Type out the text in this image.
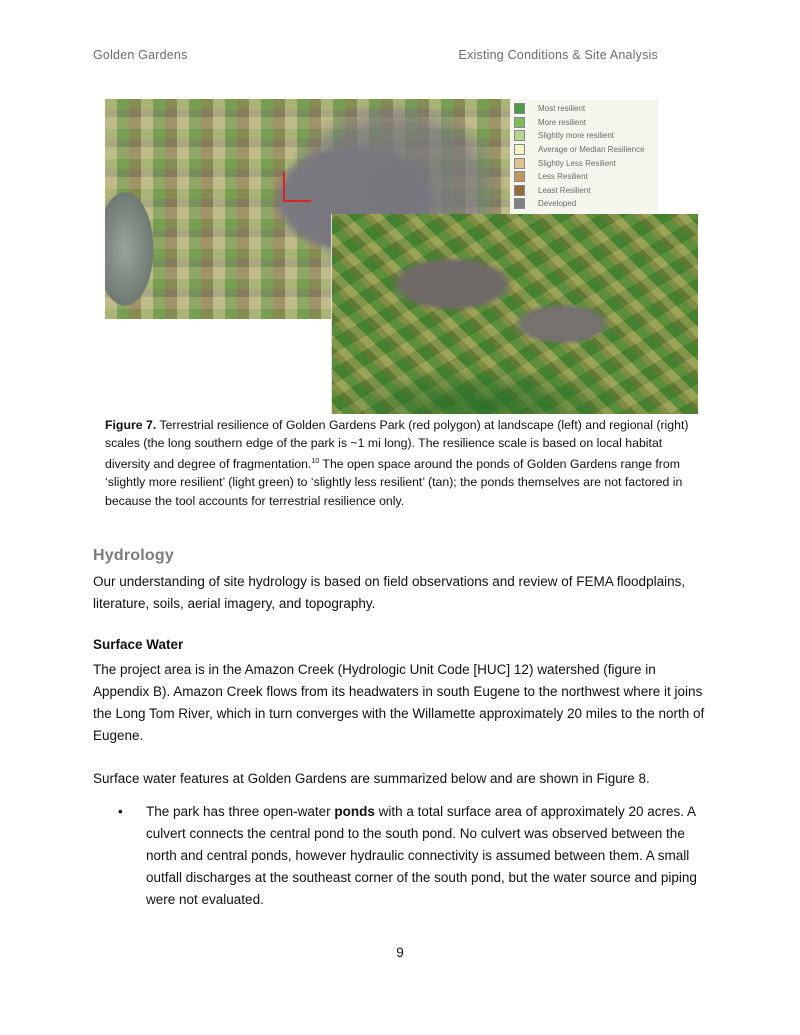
Golden Gardens	Existing Conditions & Site Analysis
Most resilient
More resilient
Slightly more resilient
Average or Median Resilience
Slightly Less Resilient
Less Resilient
Least Resilient
Developed
Figure 7. Terrestrial resilience of Golden Gardens Park (red polygon) at landscape (left) and regional (right) scales (the long southern edge of the park is ~1 mi long). The resilience scale is based on local habitat diversity and degree of fragmentation.$^{10}$ The open space around the ponds of Golden Gardens range from ‘slightly more resilient’ (light green) to ‘slightly less resilient’ (tan); the ponds themselves are not factored in because the tool accounts for terrestrial resilience only.
Hydrology
Our understanding of site hydrology is based on field observations and review of FEMA floodplains, literature, soils, aerial imagery, and topography.
Surface Water
The project area is in the Amazon Creek (Hydrologic Unit Code [HUC] 12) watershed (figure in Appendix B). Amazon Creek flows from its headwaters in south Eugene to the northwest where it joins the Long Tom River, which in turn converges with the Willamette approximately 20 miles to the north of Eugene.
Surface water features at Golden Gardens are summarized below and are shown in Figure 8.
• The park has three open-water ponds with a total surface area of approximately 20 acres. A culvert connects the central pond to the south pond. No culvert was observed between the north and central ponds, however hydraulic connectivity is assumed between them. A small outfall discharges at the southeast corner of the south pond, but the water source and piping were not evaluated.
9
